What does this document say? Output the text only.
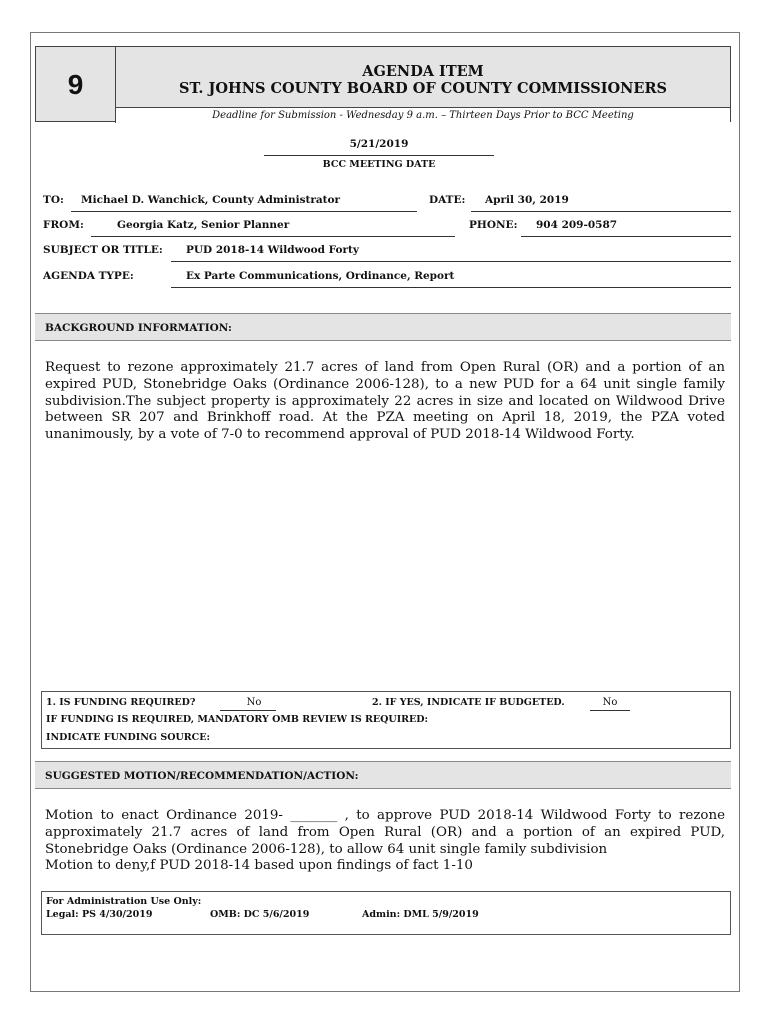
9	AGENDA ITEM
ST. JOHNS COUNTY BOARD OF COUNTY COMMISSIONERS
Deadline for Submission - Wednesday 9 a.m. – Thirteen Days Prior to BCC Meeting
5/21/2019
BCC MEETING DATE
TO: Michael D. Wanchick, County Administrator	DATE: April 30, 2019
FROM:	Georgia Katz, Senior Planner	PHONE: 904 209-0587
SUBJECT OR TITLE: PUD 2018-14 Wildwood Forty
AGENDA TYPE:	Ex Parte Communications, Ordinance, Report
BACKGROUND INFORMATION:
Request to rezone approximately 21.7 acres of land from Open Rural (OR) and a portion of an expired PUD, Stonebridge Oaks (Ordinance 2006-128), to a new PUD for a 64 unit single family subdivision.The subject property is approximately 22 acres in size and located on Wildwood Drive between SR 207 and Brinkhoff road. At the PZA meeting on April 18, 2019, the PZA voted unanimously, by a vote of 7-0 to recommend approval of PUD 2018-14 Wildwood Forty.
1. IS FUNDING REQUIRED?	No	2. IF YES, INDICATE IF BUDGETED.	No
IF FUNDING IS REQUIRED, MANDATORY OMB REVIEW IS REQUIRED:
INDICATE FUNDING SOURCE:
SUGGESTED MOTION/RECOMMENDATION/ACTION:
Motion to enact Ordinance 2019- _______ , to approve PUD 2018-14 Wildwood Forty to rezone approximately 21.7 acres of land from Open Rural (OR) and a portion of an expired PUD, Stonebridge Oaks (Ordinance 2006-128), to allow 64 unit single family subdivision
Motion to deny,f PUD 2018-14 based upon findings of fact 1-10
For Administration Use Only:
Legal: PS 4/30/2019	OMB: DC 5/6/2019	Admin: DML 5/9/2019
